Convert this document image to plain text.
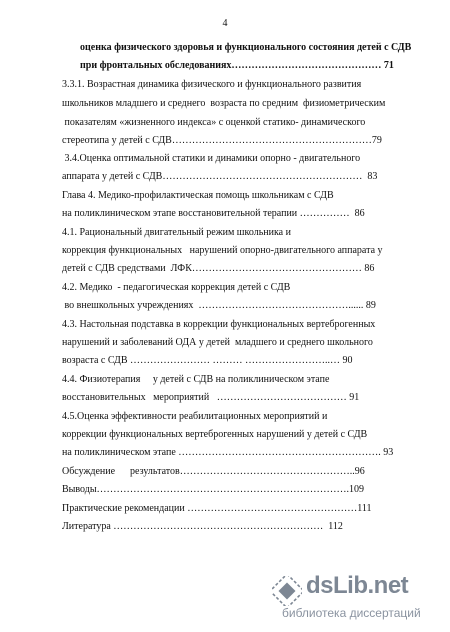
4
оценка физического здоровья и функционального состояния детей с СДВ
при фронтальных обследованиях……………………………………… 71
3.3.1. Возрастная динамика физического и функционального развития
школьников младшего и среднего  возраста по средним  физиометрическим
показателям «жизненного индекса» с оценкой статико- динамического
стереотипа у детей с СДВ……………………………………………………79
3.4.Оценка оптимальной статики и динамики опорно - двигательного
аппарата у детей с СДВ……………………………………………………  83
Глава 4. Медико-профилактическая помощь школьникам с СДВ
на поликлиническом этапе восстановительной терапии ……………  86
4.1. Рациональный двигательный режим школьника и
коррекция функциональных   нарушений опорно-двигательного аппарата у
детей с СДВ средствами  ЛФК…………………………………………… 86
4.2. Медико  - педагогическая коррекция детей с СДВ
во внешкольных учреждениях  ………………………………………...... 89
4.3. Настольная подставка в коррекции функциональных вертеброгенных
нарушений и заболеваний ОДА у детей  младшего и среднего школьного
возраста с СДВ …………………… ……… ……………………..… 90
4.4. Физиотерапия     у детей с СДВ на поликлиническом этапе
восстановительных   мероприятий   ………………………………… 91
4.5.Оценка эффективности реабилитационных мероприятий и
коррекции функциональных вертеброгенных нарушений у детей с СДВ
на поликлиническом этапе ……………………………………………………. 93
Обсуждение      результатов……………………………………………..96
Выводы………………………………………………………………….109
Практические рекомендации ……………………………………………111
Литература ………………………………………………………  112
dsLib.net
библиотека диссертаций
